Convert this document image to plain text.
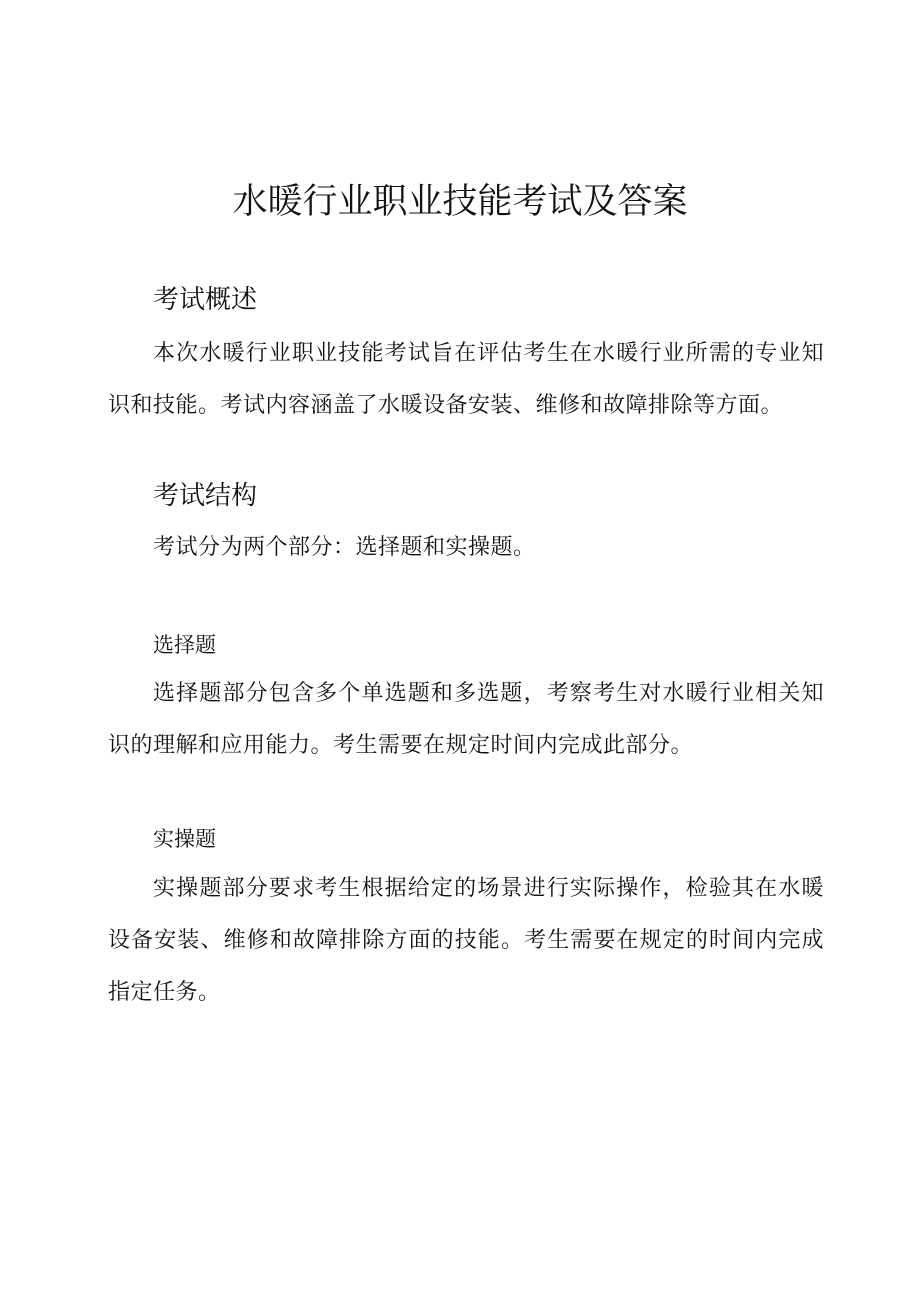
水暖行业职业技能考试及答案
考试概述

本次水暖行业职业技能考试旨在评估考生在水暖行业所需的专业知识和技能。考试内容涵盖了水暖设备安装、维修和故障排除等方面。

考试结构

考试分为两个部分：选择题和实操题。

选择题

选择题部分包含多个单选题和多选题，考察考生对水暖行业相关知识的理解和应用能力。考生需要在规定时间内完成此部分。

实操题

实操题部分要求考生根据给定的场景进行实际操作，检验其在水暖设备安装、维修和故障排除方面的技能。考生需要在规定的时间内完成指定任务。
